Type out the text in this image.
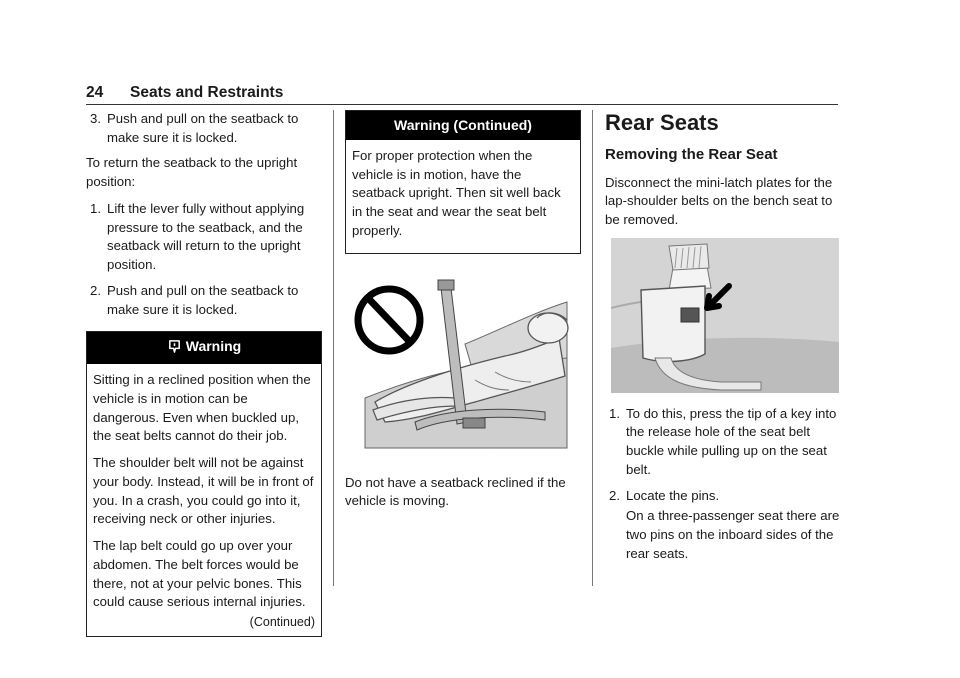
24 Seats and Restraints
3. Push and pull on the seatback to make sure it is locked.

To return the seatback to the upright position:

1. Lift the lever fully without applying pressure to the seatback, and the seatback will return to the upright position.
2. Push and pull on the seatback to make sure it is locked.
Warning

Sitting in a reclined position when the vehicle is in motion can be dangerous. Even when buckled up, the seat belts cannot do their job.

The shoulder belt will not be against your body. Instead, it will be in front of you. In a crash, you could go into it, receiving neck or other injuries.

The lap belt could go up over your abdomen. The belt forces would be there, not at your pelvic bones. This could cause serious internal injuries.

(Continued)
Warning (Continued)

For proper protection when the vehicle is in motion, have the seatback upright. Then sit well back in the seat and wear the seat belt properly.

Do not have a seatback reclined if the vehicle is moving.

Rear Seats
Removing the Rear Seat

Disconnect the mini-latch plates for the lap-shoulder belts on the bench seat to be removed.

1. To do this, press the tip of a key into the release hole of the seat belt buckle while pulling up on the seat belt.
2. Locate the pins.
On a three-passenger seat there are two pins on the inboard sides of the rear seats.
